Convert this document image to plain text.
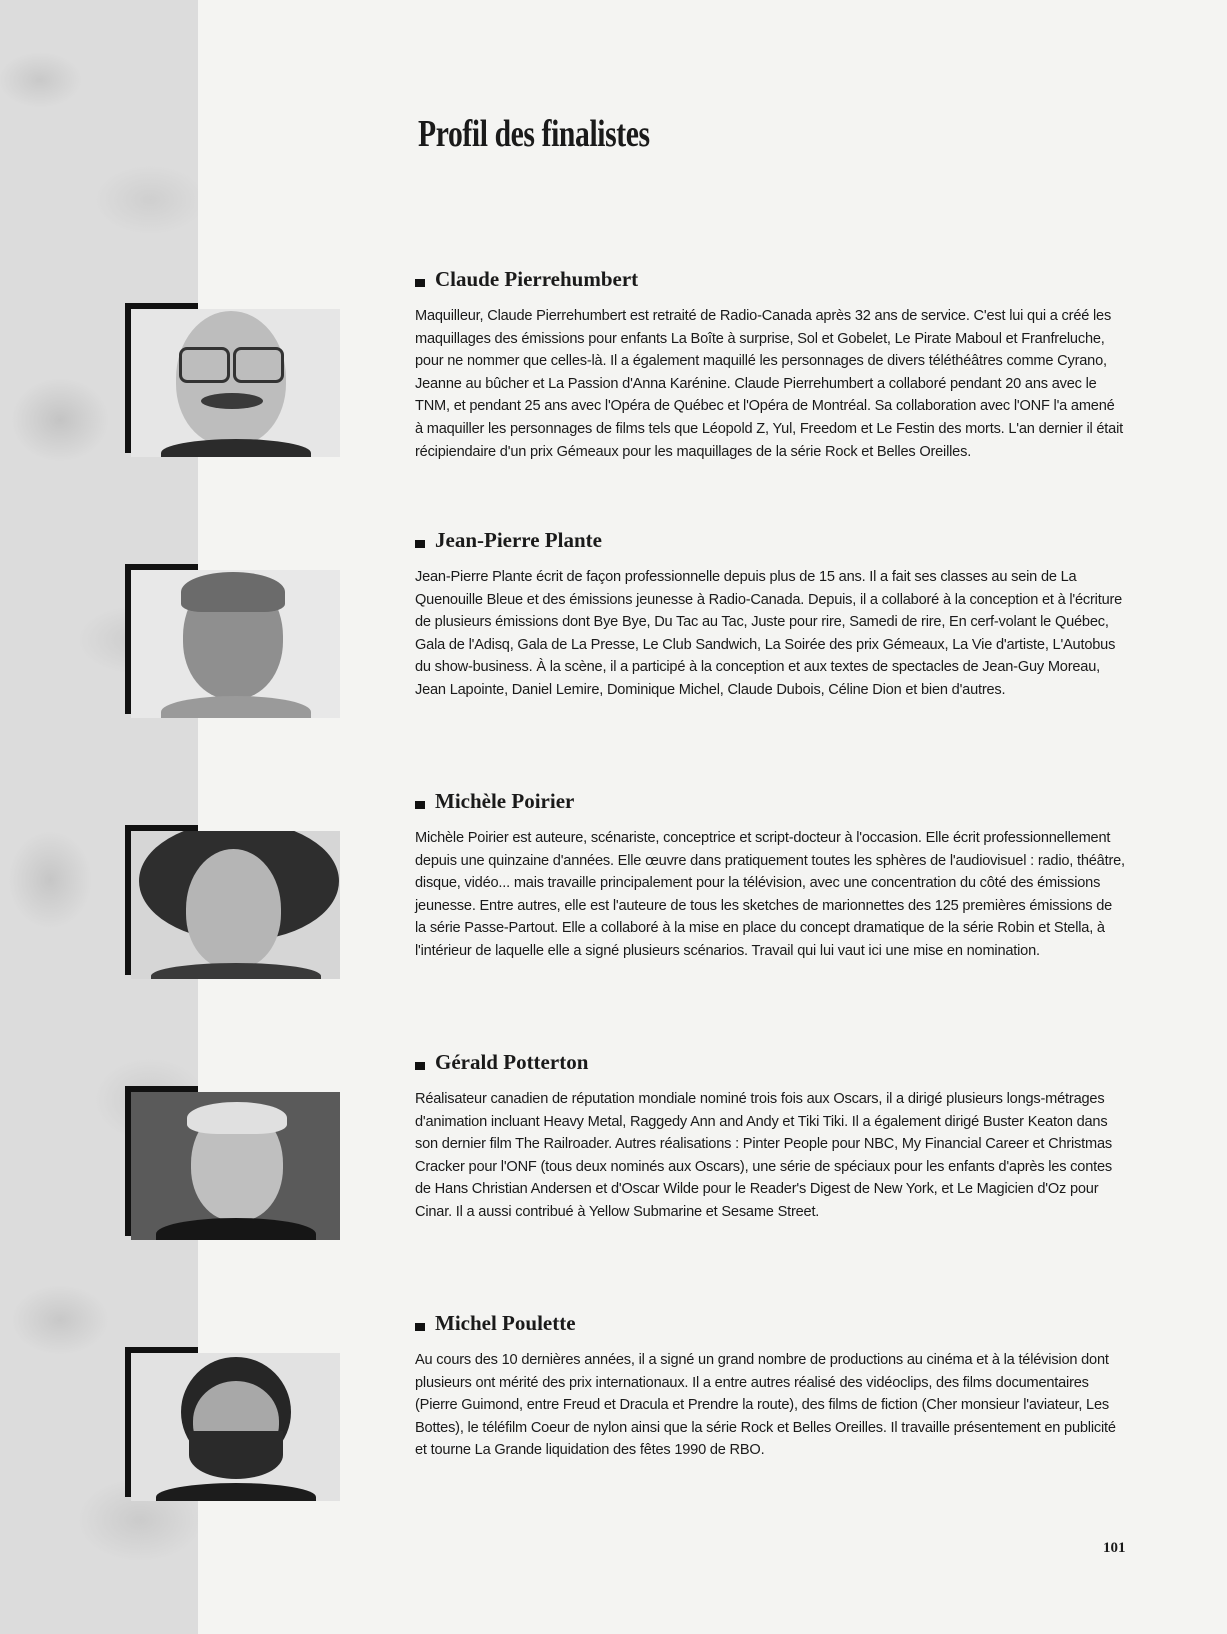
Profil des finalistes
Claude Pierrehumbert

Maquilleur, Claude Pierrehumbert est retraité de Radio-Canada après 32 ans de service. C'est lui qui a créé les maquillages des émissions pour enfants La Boîte à surprise, Sol et Gobelet, Le Pirate Maboul et Franfreluche, pour ne nommer que celles-là. Il a également maquillé les personnages de divers téléthéâtres comme Cyrano, Jeanne au bûcher et La Passion d'Anna Karénine. Claude Pierrehumbert a collaboré pendant 20 ans avec le TNM, et pendant 25 ans avec l'Opéra de Québec et l'Opéra de Montréal. Sa collaboration avec l'ONF l'a amené à maquiller les personnages de films tels que Léopold Z, Yul, Freedom et Le Festin des morts. L'an dernier il était récipiendaire d'un prix Gémeaux pour les maquillages de la série Rock et Belles Oreilles.

Jean-Pierre Plante

Jean-Pierre Plante écrit de façon professionnelle depuis plus de 15 ans. Il a fait ses classes au sein de La Quenouille Bleue et des émissions jeunesse à Radio-Canada. Depuis, il a collaboré à la conception et à l'écriture de plusieurs émissions dont Bye Bye, Du Tac au Tac, Juste pour rire, Samedi de rire, En cerf-volant le Québec, Gala de l'Adisq, Gala de La Presse, Le Club Sandwich, La Soirée des prix Gémeaux, La Vie d'artiste, L'Autobus du show-business. À la scène, il a participé à la conception et aux textes de spectacles de Jean-Guy Moreau, Jean Lapointe, Daniel Lemire, Dominique Michel, Claude Dubois, Céline Dion et bien d'autres.

Michèle Poirier

Michèle Poirier est auteure, scénariste, conceptrice et script-docteur à l'occasion. Elle écrit professionnellement depuis une quinzaine d'années. Elle œuvre dans pratiquement toutes les sphères de l'audiovisuel : radio, théâtre, disque, vidéo... mais travaille principalement pour la télévision, avec une concentration du côté des émissions jeunesse. Entre autres, elle est l'auteure de tous les sketches de marionnettes des 125 premières émissions de la série Passe-Partout. Elle a collaboré à la mise en place du concept dramatique de la série Robin et Stella, à l'intérieur de laquelle elle a signé plusieurs scénarios. Travail qui lui vaut ici une mise en nomination.

Gérald Potterton

Réalisateur canadien de réputation mondiale nominé trois fois aux Oscars, il a dirigé plusieurs longs-métrages d'animation incluant Heavy Metal, Raggedy Ann and Andy et Tiki Tiki. Il a également dirigé Buster Keaton dans son dernier film The Railroader. Autres réalisations : Pinter People pour NBC, My Financial Career et Christmas Cracker pour l'ONF (tous deux nominés aux Oscars), une série de spéciaux pour les enfants d'après les contes de Hans Christian Andersen et d'Oscar Wilde pour le Reader's Digest de New York, et Le Magicien d'Oz pour Cinar. Il a aussi contribué à Yellow Submarine et Sesame Street.

Michel Poulette

Au cours des 10 dernières années, il a signé un grand nombre de productions au cinéma et à la télévision dont plusieurs ont mérité des prix internationaux. Il a entre autres réalisé des vidéoclips, des films documentaires (Pierre Guimond, entre Freud et Dracula et Prendre la route), des films de fiction (Cher monsieur l'aviateur, Les Bottes), le téléfilm Coeur de nylon ainsi que la série Rock et Belles Oreilles. Il travaille présentement en publicité et tourne La Grande liquidation des fêtes 1990 de RBO.

101
